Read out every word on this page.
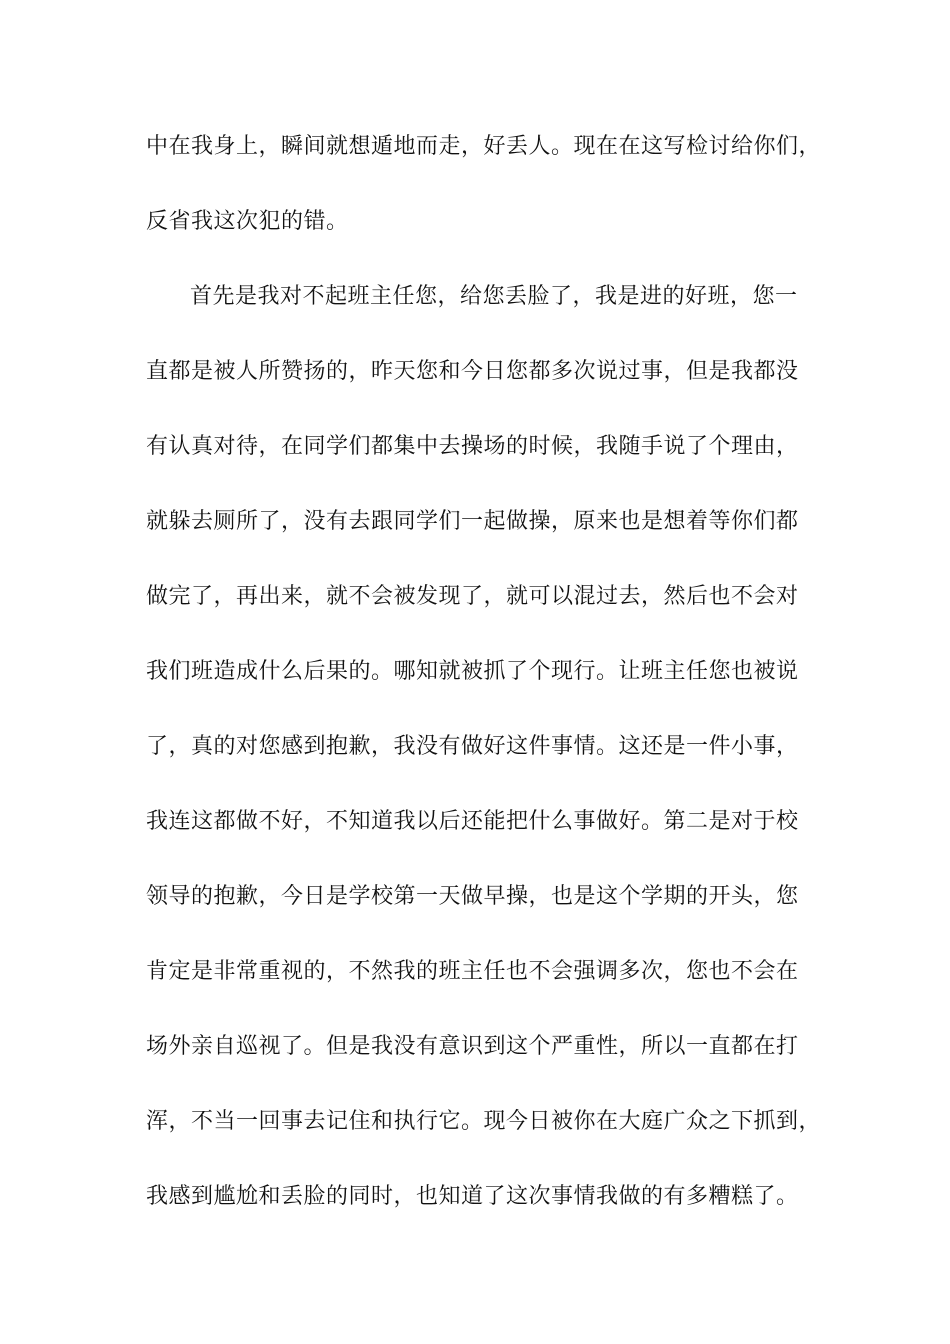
中在我身上，瞬间就想遁地而走，好丢人。现在在这写检讨给你们，

反省我这次犯的错。

首先是我对不起班主任您，给您丢脸了，我是进的好班，您一

直都是被人所赞扬的，昨天您和今日您都多次说过事，但是我都没

有认真对待，在同学们都集中去操场的时候，我随手说了个理由，

就躲去厕所了，没有去跟同学们一起做操，原来也是想着等你们都

做完了，再出来，就不会被发现了，就可以混过去，然后也不会对

我们班造成什么后果的。哪知就被抓了个现行。让班主任您也被说

了，真的对您感到抱歉，我没有做好这件事情。这还是一件小事，

我连这都做不好，不知道我以后还能把什么事做好。第二是对于校

领导的抱歉，今日是学校第一天做早操，也是这个学期的开头，您

肯定是非常重视的，不然我的班主任也不会强调多次，您也不会在

场外亲自巡视了。但是我没有意识到这个严重性，所以一直都在打

浑，不当一回事去记住和执行它。现今日被你在大庭广众之下抓到，

我感到尴尬和丢脸的同时，也知道了这次事情我做的有多糟糕了。
